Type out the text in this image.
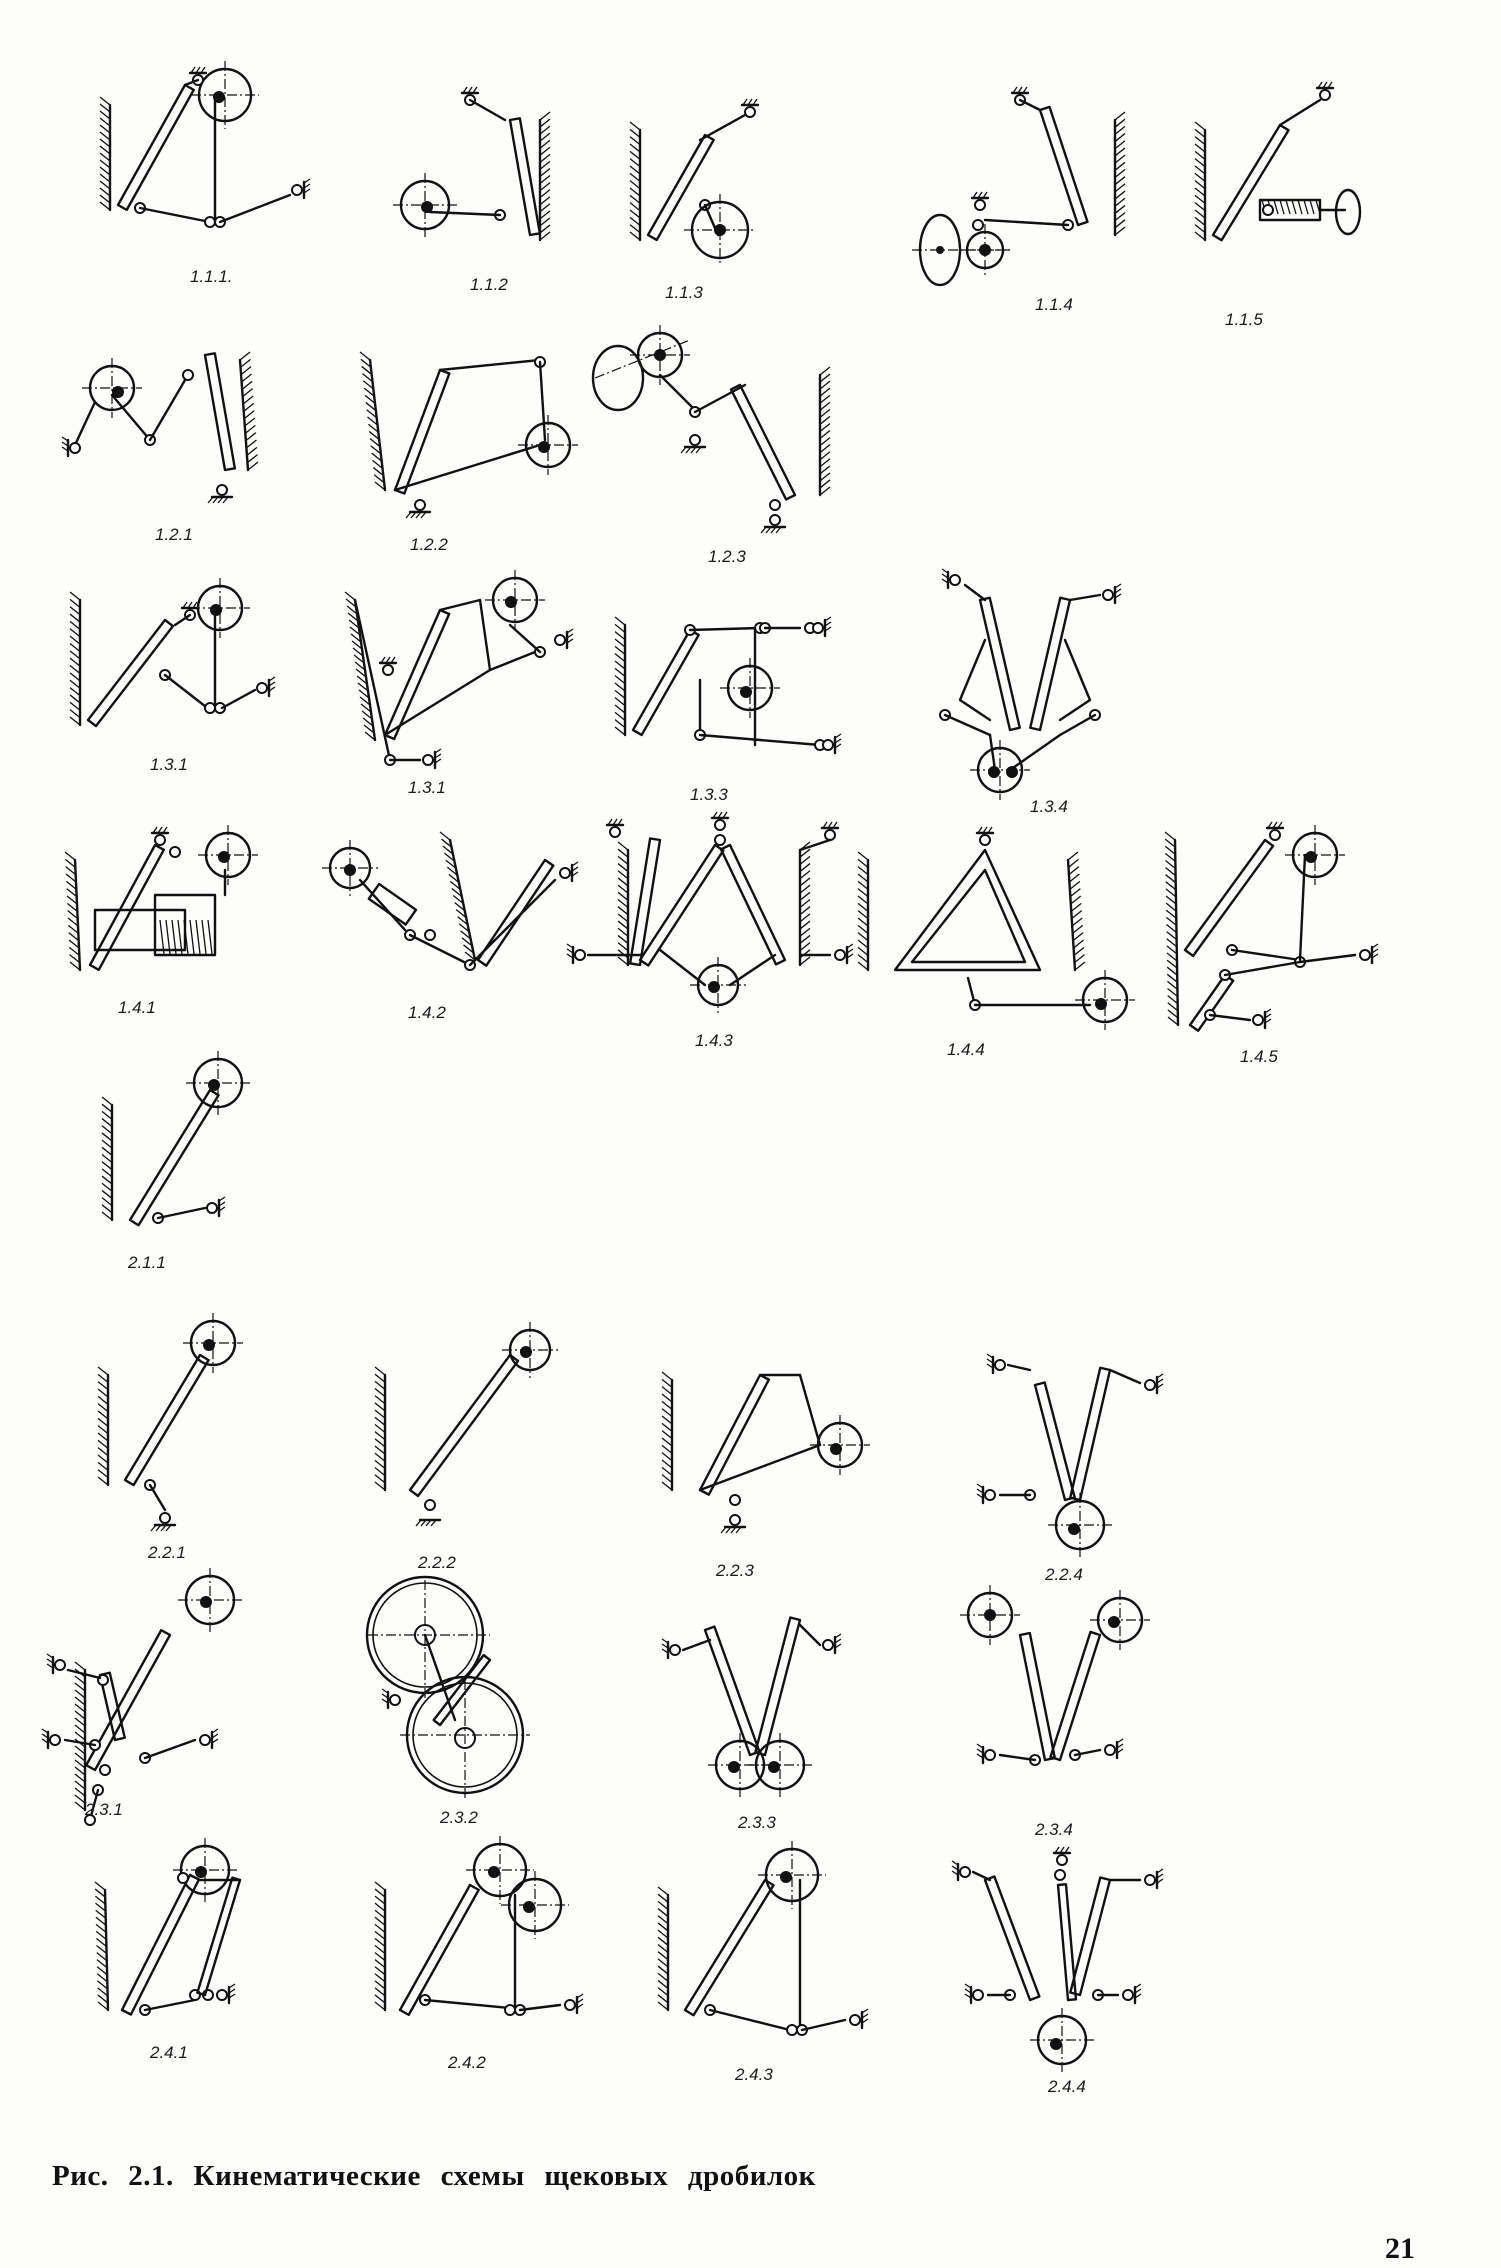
1.1.1.	1.1.2	1.1.3
1.1.4
1.1.5
1.2.1
1.2.2
1.2.3
1.3.1
1.3.1	1.3.3
1.3.4
1.4.1	1.4.2
1.4.3	1.4.4	1.4.5
2.1.1
2.2.1
2.2.2	2.2.3	2.2.4
2.3.1	2.3.2	2.3.3	2.3.4
2.4.1
2.4.2
2.4.3
2.4.4
Рис. 2.1. Кинематические схемы щековых дробилок
21
